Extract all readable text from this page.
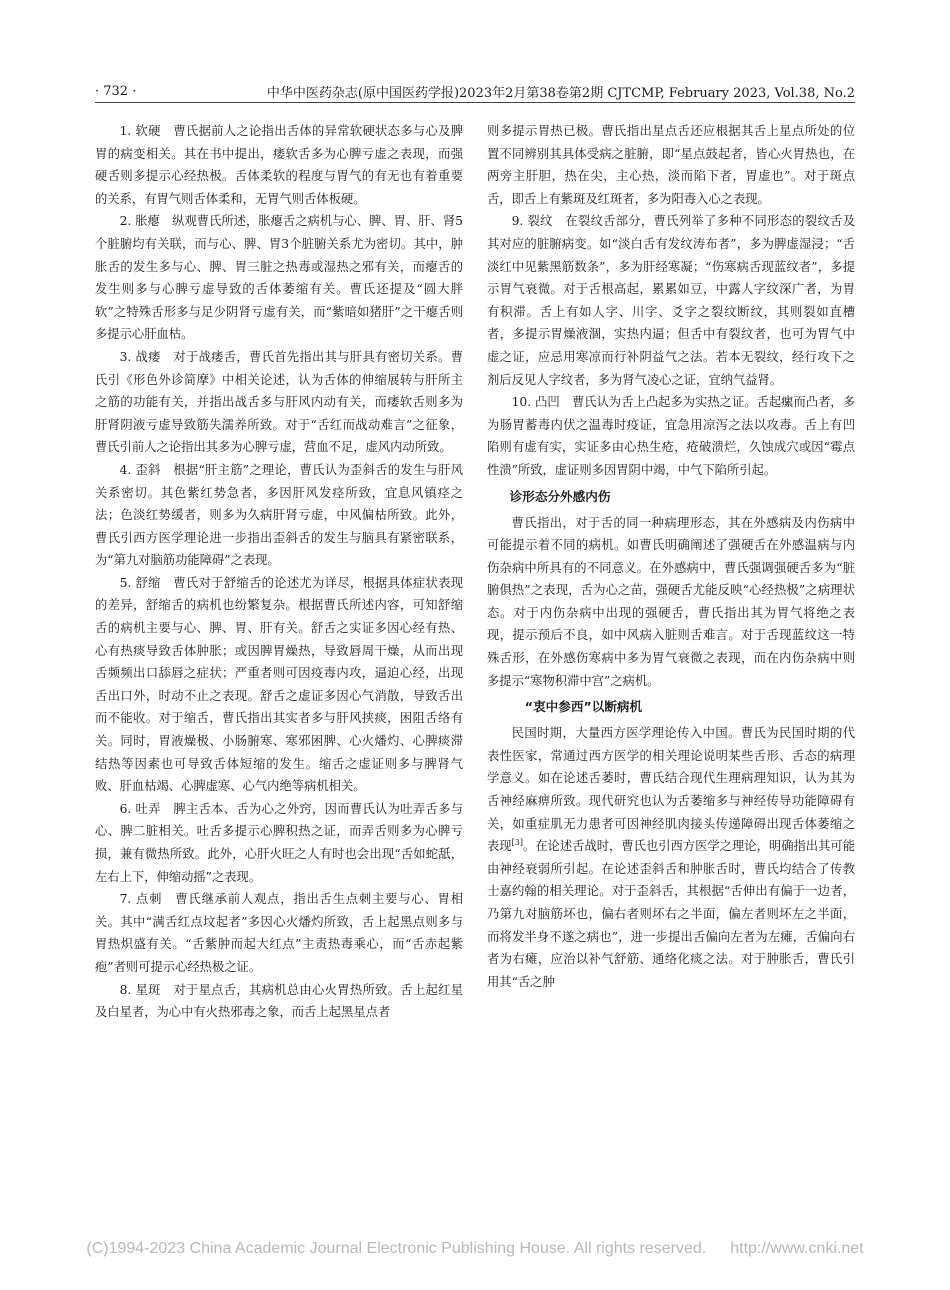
· 732 ·	中华中医药杂志(原中国医药学报)2023年2月第38卷第2期 CJTCMP, February 2023, Vol.38, No.2

1. 软硬　曹氏据前人之论指出舌体的异常软硬状态多与心及脾胃的病变相关。其在书中提出，痿软舌多为心脾亏虚之表现，而强硬舌则多提示心经热极。舌体柔软的程度与胃气的有无也有着重要的关系，有胃气则舌体柔和，无胃气则舌体板硬。

2. 胀瘪　纵观曹氏所述，胀瘪舌之病机与心、脾、胃、肝、肾5个脏腑均有关联，而与心、脾、胃3个脏腑关系尤为密切。其中，肿胀舌的发生多与心、脾、胃三脏之热毒或湿热之邪有关，而瘪舌的发生则多与心脾亏虚导致的舌体萎缩有关。曹氏还提及“圆大胖软”之特殊舌形多与足少阴肾亏虚有关，而“紫暗如猪肝”之干瘪舌则多提示心肝血枯。

3. 战痿　对于战痿舌，曹氏首先指出其与肝具有密切关系。曹氏引《形色外诊简摩》中相关论述，认为舌体的伸缩展转与肝所主之筋的功能有关，并指出战舌多与肝风内动有关，而痿软舌则多为肝肾阴液亏虚导致筋失濡养所致。对于“舌红而战动难言”之征象，曹氏引前人之论指出其多为心脾亏虚，营血不足，虚风内动所致。

4. 歪斜　根据“肝主筋”之理论，曹氏认为歪斜舌的发生与肝风关系密切。其色紫红势急者，多因肝风发痉所致，宜息风镇痉之法；色淡红势缓者，则多为久病肝肾亏虚，中风偏枯所致。此外，曹氏引西方医学理论进一步指出歪斜舌的发生与脑具有紧密联系，为“第九对脑筋功能障碍”之表现。

5. 舒缩　曹氏对于舒缩舌的论述尤为详尽，根据具体症状表现的差异，舒缩舌的病机也纷繁复杂。根据曹氏所述内容，可知舒缩舌的病机主要与心、脾、胃、肝有关。舒舌之实证多因心经有热、心有热痰导致舌体肿胀；或因脾胃燥热，导致唇周干燥，从而出现舌频频出口舔唇之症状；严重者则可因疫毒内攻，逼迫心经，出现舌出口外，时动不止之表现。舒舌之虚证多因心气消散，导致舌出而不能收。对于缩舌，曹氏指出其实者多与肝风挟痰，困阻舌络有关。同时，胃液燥极、小肠腑寒、寒邪困脾、心火燔灼、心脾痰滞结热等因素也可导致舌体短缩的发生。缩舌之虚证则多与脾肾气败、肝血枯竭、心脾虚寒、心气内绝等病机相关。

6. 吐弄　脾主舌本、舌为心之外窍，因而曹氏认为吐弄舌多与心、脾二脏相关。吐舌多提示心脾积热之证，而弄舌则多为心脾亏损，兼有微热所致。此外，心肝火旺之人有时也会出现“舌如蛇舐，左右上下，伸缩动摇”之表现。

7. 点刺　曹氏继承前人观点，指出舌生点刺主要与心、胃相关。其中“满舌红点坟起者”多因心火燔灼所致，舌上起黑点则多与胃热炽盛有关。“舌紫肿而起大红点”主责热毒乘心，而“舌赤起紫疱”者则可提示心经热极之证。

8. 星斑　对于星点舌，其病机总由心火胃热所致。舌上起红星及白星者，为心中有火热邪毒之象，而舌上起黑星点者

则多提示胃热已极。曹氏指出星点舌还应根据其舌上星点所处的位置不同辨别其具体受病之脏腑，即“星点鼓起者，皆心火胃热也，在两旁主肝胆，热在尖，主心热，淡而陷下者，胃虚也”。对于斑点舌，即舌上有紫斑及红斑者，多为阳毒入心之表现。

9. 裂纹　在裂纹舌部分，曹氏列举了多种不同形态的裂纹舌及其对应的脏腑病变。如“淡白舌有发纹涛布者”，多为脾虚湿浸；“舌淡红中见紫黑筋数条”，多为肝经寒凝；“伤寒病舌现蓝纹者”，多提示胃气衰微。对于舌根高起，累累如豆，中露人字纹深广者，为胃有积滞。舌上有如人字、川字、爻字之裂纹断纹，其则裂如直槽者，多提示胃燥液涸，实热内逼；但舌中有裂纹者，也可为胃气中虚之证，应忌用寒凉而行补阴益气之法。若本无裂纹，经行攻下之剂后反见人字纹者，多为肾气凌心之证，宜纳气益肾。

10. 凸凹　曹氏认为舌上凸起多为实热之证。舌起瘰而凸者，多为肠胃蓄毒内伏之温毒时疫证，宜急用凉泻之法以攻毒。舌上有凹陷则有虚有实，实证多由心热生疮，疮破溃烂，久蚀成穴或因“霉点性溃”所致，虚证则多因胃阴中竭，中气下陷所引起。

诊形态分外感内伤

曹氏指出，对于舌的同一种病理形态，其在外感病及内伤病中可能提示着不同的病机。如曹氏明确阐述了强硬舌在外感温病与内伤杂病中所具有的不同意义。在外感病中，曹氏强调强硬舌多为“脏腑俱热”之表现，舌为心之苗，强硬舌尤能反映“心经热极”之病理状态。对于内伤杂病中出现的强硬舌，曹氏指出其为胃气将绝之表现，提示预后不良，如中风病入脏则舌难言。对于舌现蓝纹这一特殊舌形，在外感伤寒病中多为胃气衰微之表现，而在内伤杂病中则多提示“寒物积滞中宫”之病机。

“衷中参西”以断病机

民国时期，大量西方医学理论传入中国。曹氏为民国时期的代表性医家，常通过西方医学的相关理论说明某些舌形、舌态的病理学意义。如在论述舌萎时，曹氏结合现代生理病理知识，认为其为舌神经麻痹所致。现代研究也认为舌萎缩多与神经传导功能障碍有关，如重症肌无力患者可因神经肌肉接头传递障碍出现舌体萎缩之表现[3]。在论述舌战时，曹氏也引西方医学之理论，明确指出其可能由神经衰弱所引起。在论述歪斜舌和肿胀舌时，曹氏均结合了传教士嘉约翰的相关理论。对于歪斜舌，其根据“舌伸出有偏于一边者，乃第九对脑筋坏也，偏右者则坏右之半面，偏左者则坏左之半面，而将发半身不遂之病也”，进一步提出舌偏向左者为左瘫，舌偏向右者为右瘫，应治以补气舒筋、通络化痰之法。对于肿胀舌，曹氏引用其“舌之肿

(C)1994-2023 China Academic Journal Electronic Publishing House. All rights reserved. http://www.cnki.net
